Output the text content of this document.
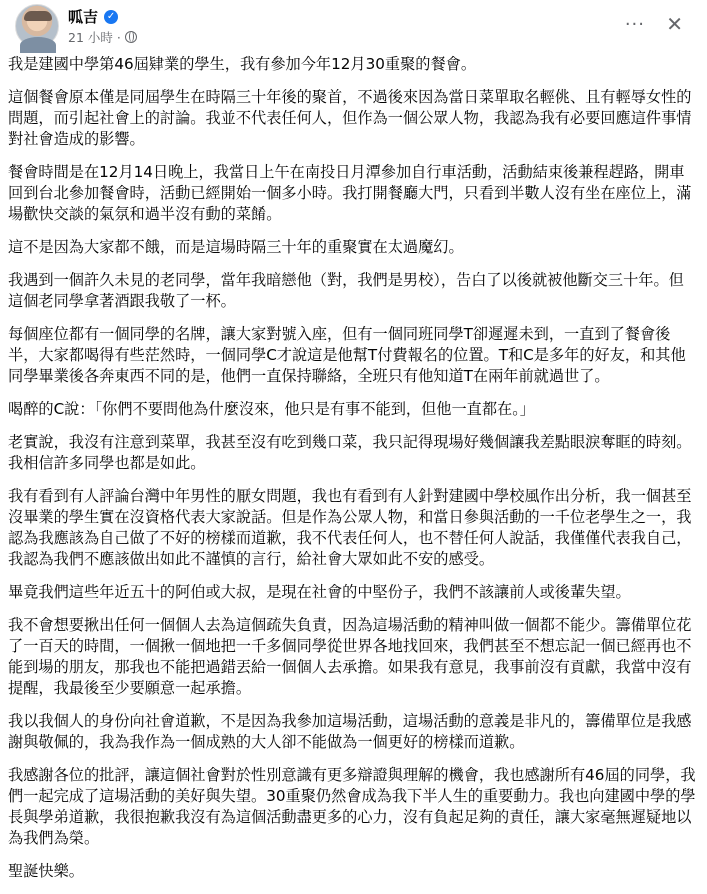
呱吉 ✓
21 小時 ·
··· ✕

我是建國中學第46屆肄業的學生，我有參加今年12月30重聚的餐會。

這個餐會原本僅是同屆學生在時隔三十年後的聚首，不過後來因為當日菜單取名輕佻、且有輕辱女性的問題，而引起社會上的討論。我並不代表任何人，但作為一個公眾人物，我認為我有必要回應這件事情對社會造成的影響。

餐會時間是在12月14日晚上，我當日上午在南投日月潭參加自行車活動，活動結束後兼程趕路，開車回到台北參加餐會時，活動已經開始一個多小時。我打開餐廳大門，只看到半數人沒有坐在座位上，滿場歡快交談的氣氛和過半沒有動的菜餚。

這不是因為大家都不餓，而是這場時隔三十年的重聚實在太過魔幻。

我遇到一個許久未見的老同學，當年我暗戀他（對，我們是男校），告白了以後就被他斷交三十年。但這個老同學拿著酒跟我敬了一杯。

每個座位都有一個同學的名牌，讓大家對號入座，但有一個同班同學T卻遲遲未到，一直到了餐會後半，大家都喝得有些茫然時，一個同學C才說這是他幫T付費報名的位置。T和C是多年的好友，和其他同學畢業後各奔東西不同的是，他們一直保持聯絡，全班只有他知道T在兩年前就過世了。

喝醉的C說：「你們不要問他為什麼沒來，他只是有事不能到，但他一直都在。」

老實說，我沒有注意到菜單，我甚至沒有吃到幾口菜，我只記得現場好幾個讓我差點眼淚奪眶的時刻。我相信許多同學也都是如此。

我有看到有人評論台灣中年男性的厭女問題，我也有看到有人針對建國中學校風作出分析，我一個甚至沒畢業的學生實在沒資格代表大家說話。但是作為公眾人物，和當日參與活動的一千位老學生之一，我認為我應該為自己做了不好的榜樣而道歉，我不代表任何人，也不替任何人說話，我僅僅代表我自己，我認為我們不應該做出如此不謹慎的言行，給社會大眾如此不安的感受。

畢竟我們這些年近五十的阿伯或大叔，是現在社會的中堅份子，我們不該讓前人或後輩失望。

我不會想要揪出任何一個個人去為這個疏失負責，因為這場活動的精神叫做一個都不能少。籌備單位花了一百天的時間，一個揪一個地把一千多個同學從世界各地找回來，我們甚至不想忘記一個已經再也不能到場的朋友，那我也不能把過錯丟給一個個人去承擔。如果我有意見，我事前沒有貢獻，我當中沒有提醒，我最後至少要願意一起承擔。

我以我個人的身份向社會道歉，不是因為我參加這場活動，這場活動的意義是非凡的，籌備單位是我感謝與敬佩的，我為我作為一個成熟的大人卻不能做為一個更好的榜樣而道歉。

我感謝各位的批評，讓這個社會對於性別意識有更多辯證與理解的機會，我也感謝所有46屆的同學，我們一起完成了這場活動的美好與失望。30重聚仍然會成為我下半人生的重要動力。我也向建國中學的學長與學弟道歉，我很抱歉我沒有為這個活動盡更多的心力，沒有負起足夠的責任，讓大家毫無遲疑地以為我們為榮。

聖誕快樂。
